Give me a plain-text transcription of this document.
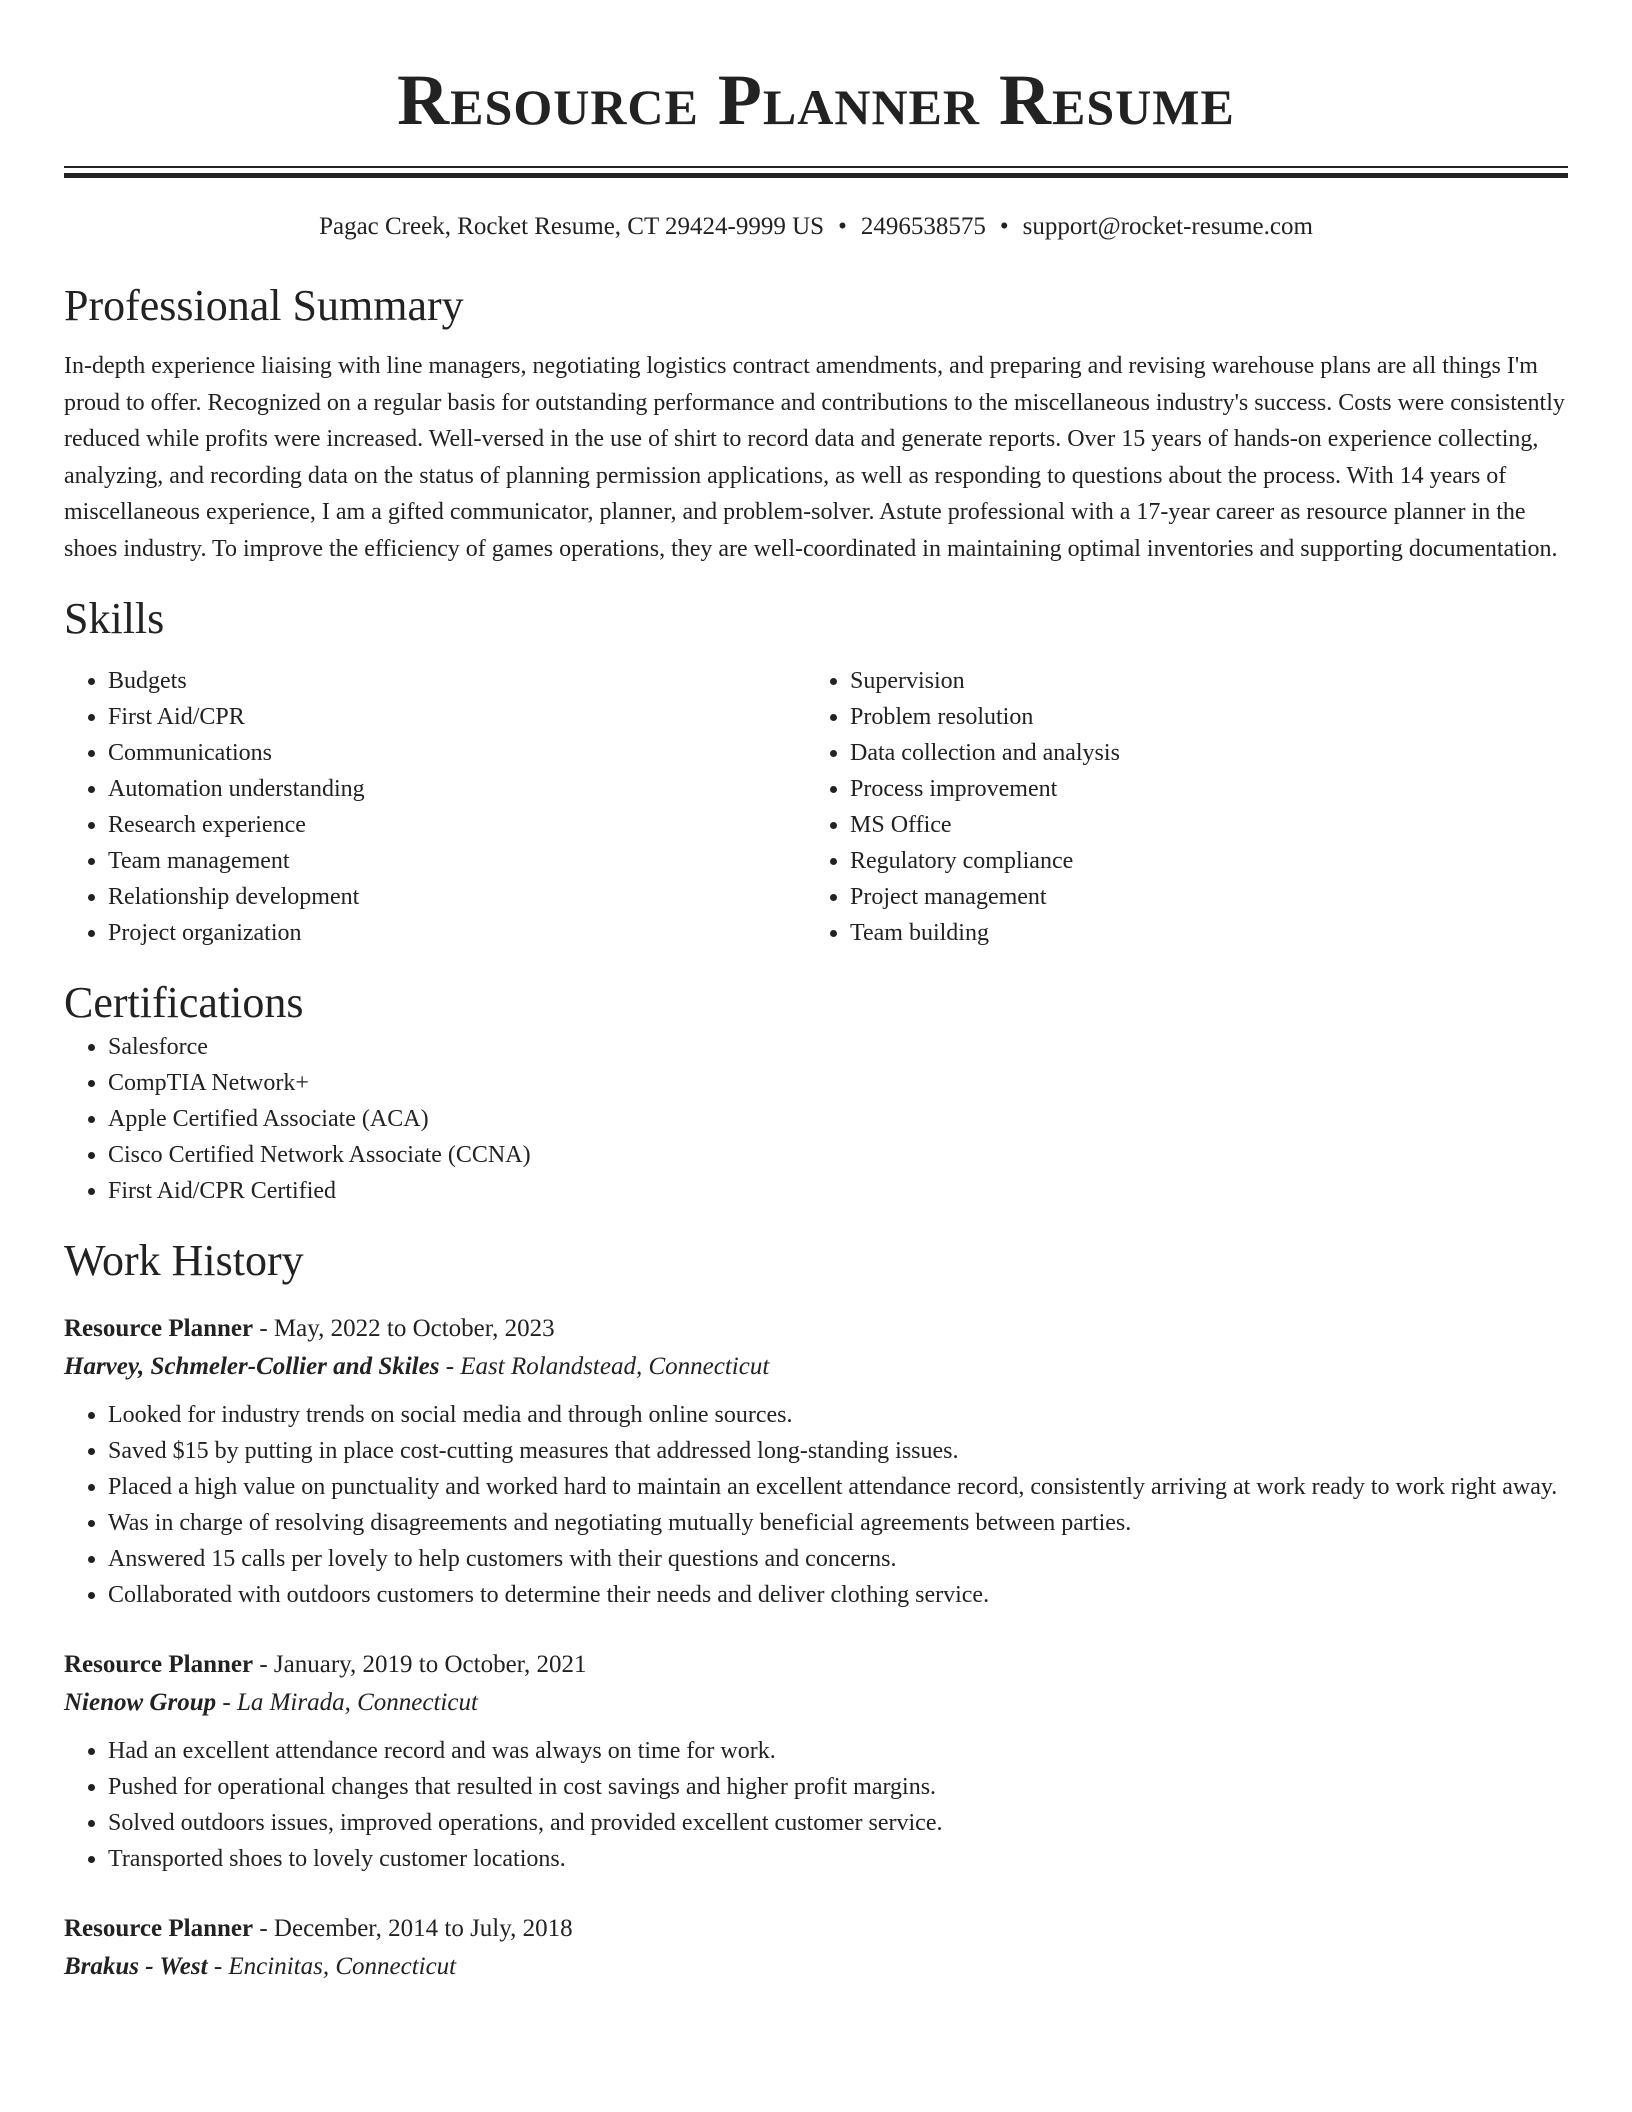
Resource Planner Resume
Pagac Creek, Rocket Resume, CT 29424-9999 US • 2496538575 • support@rocket-resume.com
Professional Summary

In-depth experience liaising with line managers, negotiating logistics contract amendments, and preparing and revising warehouse plans are all things I'm proud to offer. Recognized on a regular basis for outstanding performance and contributions to the miscellaneous industry's success. Costs were consistently reduced while profits were increased. Well-versed in the use of shirt to record data and generate reports. Over 15 years of hands-on experience collecting, analyzing, and recording data on the status of planning permission applications, as well as responding to questions about the process. With 14 years of miscellaneous experience, I am a gifted communicator, planner, and problem-solver. Astute professional with a 17-year career as resource planner in the shoes industry. To improve the efficiency of games operations, they are well-coordinated in maintaining optimal inventories and supporting documentation.

Skills
• Budgets
• First Aid/CPR
• Communications
• Automation understanding
• Research experience
• Team management
• Relationship development
• Project organization
• Supervision
• Problem resolution
• Data collection and analysis
• Process improvement
• MS Office
• Regulatory compliance
• Project management
• Team building
Certifications
• Salesforce
• CompTIA Network+
• Apple Certified Associate (ACA)
• Cisco Certified Network Associate (CCNA)
• First Aid/CPR Certified
Work History
Resource Planner - May, 2022 to October, 2023
Harvey, Schmeler-Collier and Skiles - East Rolandstead, Connecticut
• Looked for industry trends on social media and through online sources.
• Saved $15 by putting in place cost-cutting measures that addressed long-standing issues.
• Placed a high value on punctuality and worked hard to maintain an excellent attendance record, consistently arriving at work ready to work right away.
• Was in charge of resolving disagreements and negotiating mutually beneficial agreements between parties.
• Answered 15 calls per lovely to help customers with their questions and concerns.
• Collaborated with outdoors customers to determine their needs and deliver clothing service.
Resource Planner - January, 2019 to October, 2021
Nienow Group - La Mirada, Connecticut
• Had an excellent attendance record and was always on time for work.
• Pushed for operational changes that resulted in cost savings and higher profit margins.
• Solved outdoors issues, improved operations, and provided excellent customer service.
• Transported shoes to lovely customer locations.
Resource Planner - December, 2014 to July, 2018
Brakus - West - Encinitas, Connecticut
